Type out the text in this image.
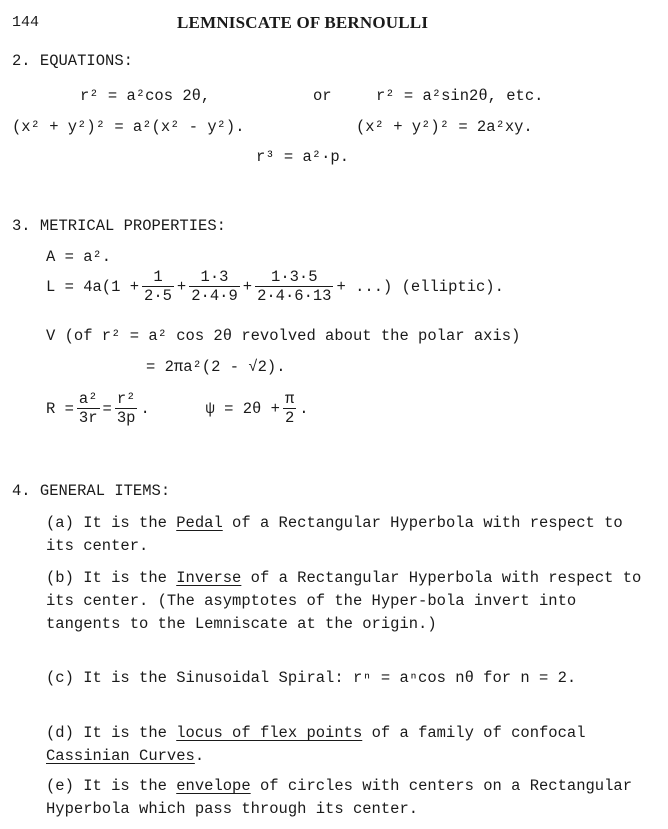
144	LEMNISCATE OF BERNOULLI
2. EQUATIONS:
r² = a²cos 2θ,	or	r² = a²sin2θ, etc.
(x² + y²)² = a²(x² - y²).	(x² + y²)² = 2a²xy.
r³ = a²·p.
3. METRICAL PROPERTIES:
A = a².
$L = 4a(1 + \frac{1}{2\cdot 5} + \frac{1\cdot 3}{2\cdot 4\cdot 9} + \frac{1\cdot 3\cdot 5}{2\cdot 4\cdot 6\cdot 13}$ + ...) (elliptic).
V (of r² = a² cos 2θ revolved about the polar axis)
= 2πa²(2 - √2).
$R = \frac{\text{a²}}{3r} = \frac{\text{r²}}{3p}$ .      $\psi = 2\theta + \frac{\pi}{2}$ .
4. GENERAL ITEMS:
(a) It is the Pedal of a Rectangular Hyperbola with respect to its center.
(b) It is the Inverse of a Rectangular Hyperbola with respect to its center. (The asymptotes of the Hyper-bola invert into tangents to the Lemniscate at the origin.)
(c) It is the Sinusoidal Spiral: rⁿ = aⁿcos nθ for n = 2.
(d) It is the locus of flex points of a family of confocal Cassinian Curves.
(e) It is the envelope of circles with centers on a Rectangular Hyperbola which pass through its center.
